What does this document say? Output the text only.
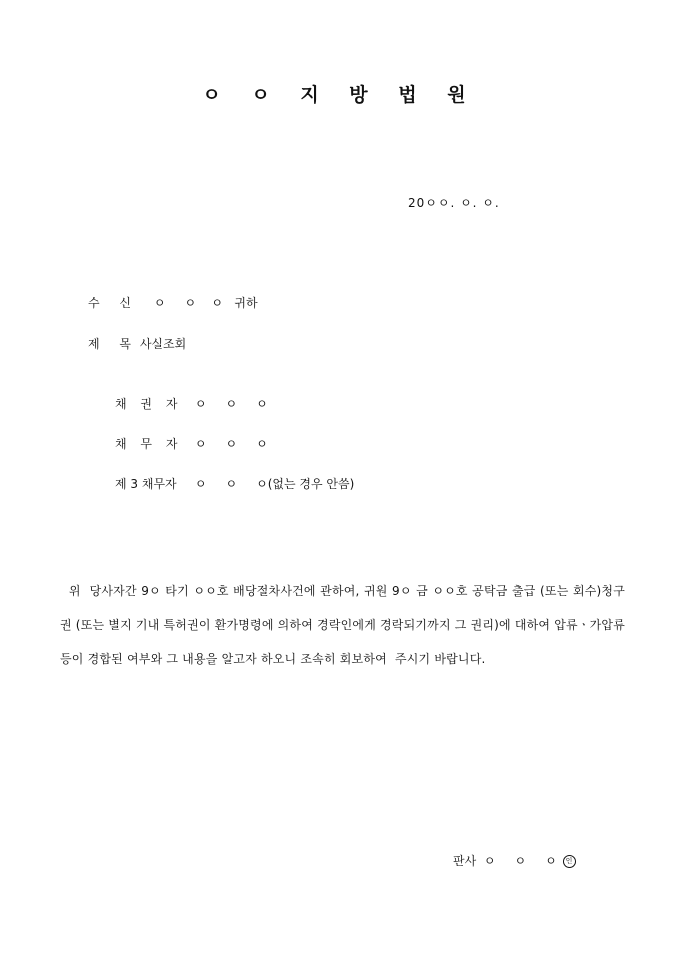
ㅇ ㅇ 지 방 법 원
20ㅇㅇ. ㅇ. ㅇ.
수 신 ㅇ     ㅇ    ㅇ   귀하
제 목 사실조회
채 권 자 ㅇ     ㅇ     ㅇ
채 무 자 ㅇ     ㅇ     ㅇ
제 3 채무자 ㅇ     ㅇ     ㅇ(없는 경우 안씀)
위  당사자간 9ㅇ 타기 ㅇㅇ호 배당절차사건에 관하여, 귀원 9ㅇ 금 ㅇㅇ호 공탁금 출급 (또는 회수)청구권 (또는 별지 기내 특허권이 환가명령에 의하여 경락인에게 경락되기까지 그 권리)에 대하여 압류ㆍ가압류 등이 경합된 여부와 그 내용을 알고자 하오니 조속히 회보하여  주시기 바랍니다.
판사  ㅇ     ㅇ     ㅇ 인
